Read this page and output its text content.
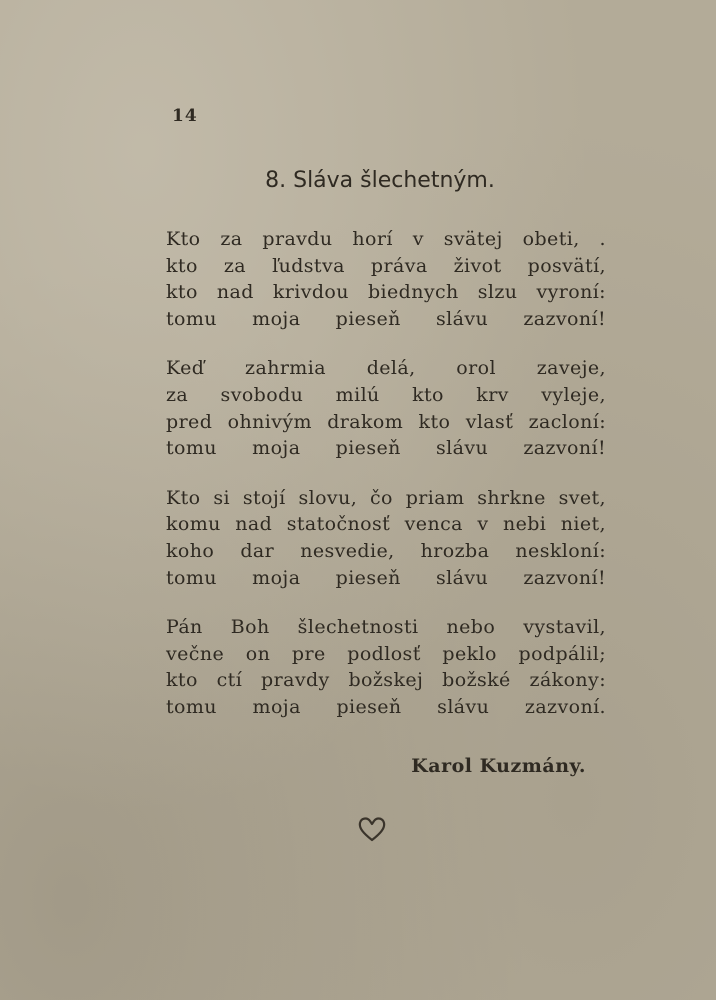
14
8. Sláva šlechetným.
Kto za pravdu horí v svätej obeti, .
kto za ľudstva práva život posvätí,
kto nad krivdou biednych slzu vyroní:
tomu moja pieseň slávu zazvoní!
Keď zahrmia delá, orol zaveje,
za svobodu milú kto krv vyleje,
pred ohnivým drakom kto vlasť zacloní:
tomu moja pieseň slávu zazvoní!
Kto si stojí slovu, čo priam shrkne svet,
komu nad statočnosť venca v nebi niet,
koho dar nesvedie, hrozba neskloní:
tomu moja pieseň slávu zazvoní!
Pán Boh šlechetnosti nebo vystavil,
večne on pre podlosť peklo podpálil;
kto ctí pravdy božskej božské zákony:
tomu moja pieseň slávu zazvoní.
Karol Kuzmány.
